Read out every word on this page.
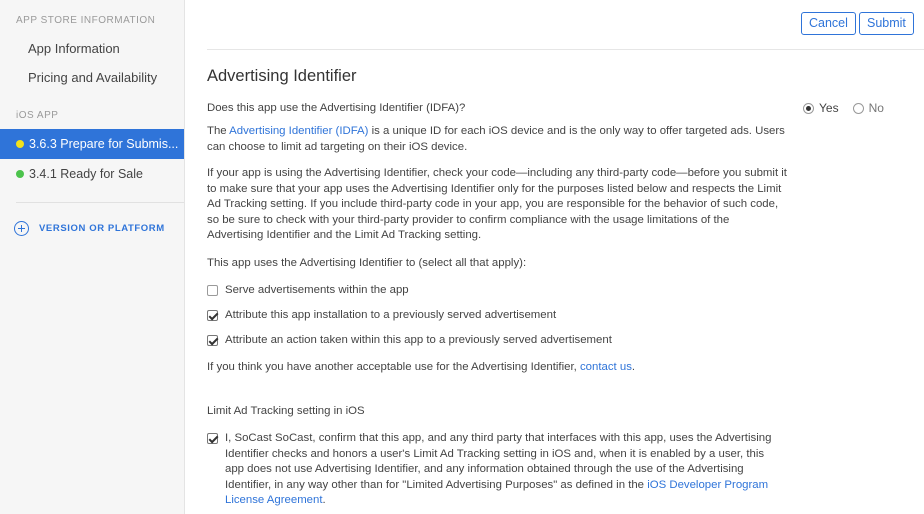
APP STORE INFORMATION
App Information
Pricing and Availability
iOS APP
3.6.3 Prepare for Submis...
3.4.1 Ready for Sale
VERSION OR PLATFORM
Cancel	Submit
Advertising Identifier
Does this app use the Advertising Identifier (IDFA)?	Yes	No
The Advertising Identifier (IDFA) is a unique ID for each iOS device and is the only way to offer targeted ads. Users can choose to limit ad targeting on their iOS device.
If your app is using the Advertising Identifier, check your code—including any third-party code—before you submit it to make sure that your app uses the Advertising Identifier only for the purposes listed below and respects the Limit Ad Tracking setting. If you include third-party code in your app, you are responsible for the behavior of such code, so be sure to check with your third-party provider to confirm compliance with the usage limitations of the Advertising Identifier and the Limit Ad Tracking setting.
This app uses the Advertising Identifier to (select all that apply):
Serve advertisements within the app
Attribute this app installation to a previously served advertisement
Attribute an action taken within this app to a previously served advertisement
If you think you have another acceptable use for the Advertising Identifier, contact us.
Limit Ad Tracking setting in iOS
I, SoCast SoCast, confirm that this app, and any third party that interfaces with this app, uses the Advertising Identifier checks and honors a user's Limit Ad Tracking setting in iOS and, when it is enabled by a user, this app does not use Advertising Identifier, and any information obtained through the use of the Advertising Identifier, in any way other than for "Limited Advertising Purposes" as defined in the iOS Developer Program License Agreement.
